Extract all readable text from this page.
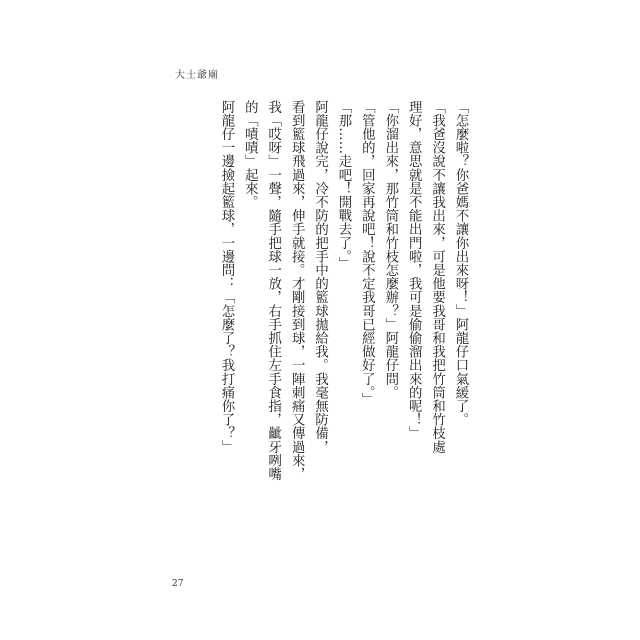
大士爺廟
「怎麼啦？你爸媽不讓你出來呀！」阿龍仔口氣緩了。
「我爸沒說不讓我出來，可是他要我哥和我把竹筒和竹枝處
理好，意思就是不能出門啦，我可是偷偷溜出來的呢！」
「你溜出來，那竹筒和竹枝怎麼辦？」阿龍仔問。
「管他的，回家再說吧！說不定我哥已經做好了。」
「那……走吧！開戰去了。」
阿龍仔說完，冷不防的把手中的籃球拋給我。我毫無防備，
看到籃球飛過來，伸手就接。才剛接到球，一陣刺痛又傳過來，
我「哎呀」一聲，隨手把球一放，右手抓住左手食指，齜牙咧嘴
的「嘖嘖」起來。
阿龍仔一邊撿起籃球，一邊問：「怎麼了？我打痛你了？」
27
